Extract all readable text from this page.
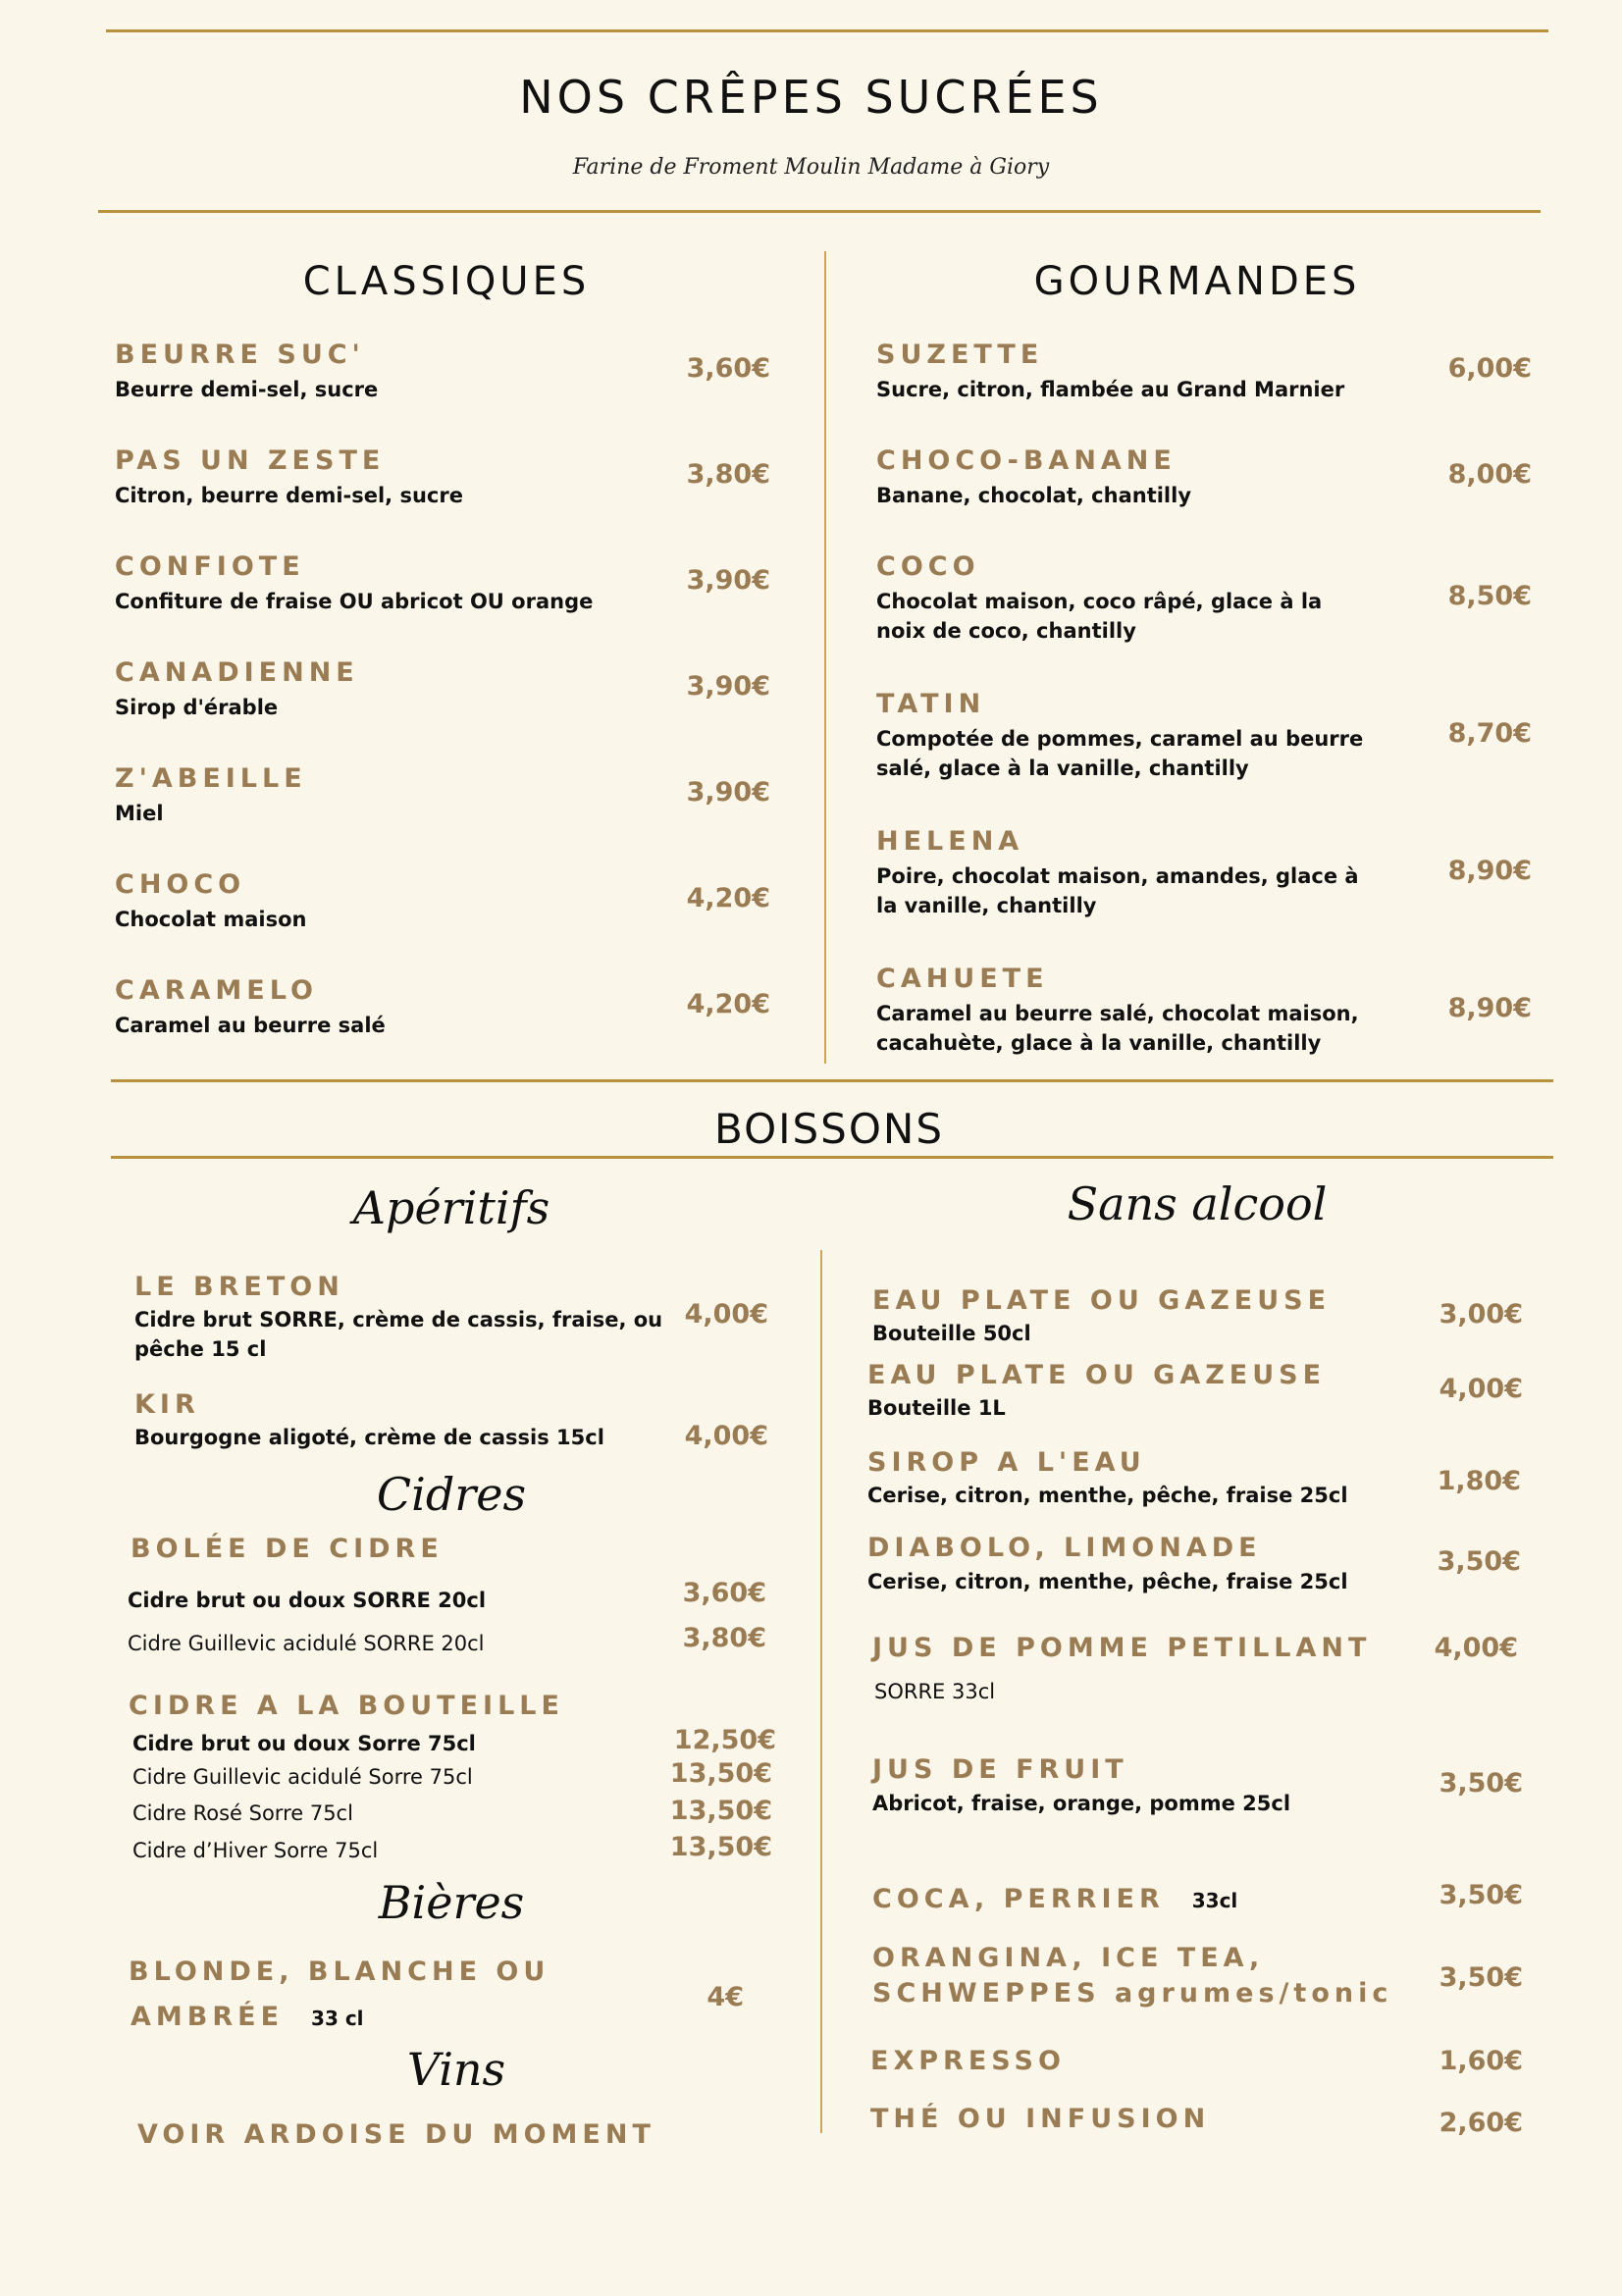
NOS CRÊPES SUCRÉES
Farine de Froment Moulin Madame à Giory
CLASSIQUES
BEURRE SUC'
Beurre demi-sel, sucre
3,60€
PAS UN ZESTE
Citron, beurre demi-sel, sucre
3,80€
CONFIOTE
Confiture de fraise OU abricot OU orange
3,90€
CANADIENNE
Sirop d'érable
3,90€
Z'ABEILLE
Miel
3,90€
CHOCO
Chocolat maison
4,20€
CARAMELO
Caramel au beurre salé
4,20€
GOURMANDES
SUZETTE
Sucre, citron, flambée au Grand Marnier
6,00€
CHOCO-BANANE
Banane, chocolat, chantilly
8,00€
COCO
Chocolat maison, coco râpé, glace à la noix de coco, chantilly
8,50€
TATIN
Compotée de pommes, caramel au beurre salé, glace à la vanille, chantilly
8,70€
HELENA
Poire, chocolat maison, amandes, glace à la vanille, chantilly
8,90€
CAHUETE
Caramel au beurre salé, chocolat maison, cacahuète, glace à la vanille, chantilly
8,90€
BOISSONS
Apéritifs
LE BRETON
Cidre brut SORRE, crème de cassis, fraise, ou pêche 15 cl
4,00€
KIR
Bourgogne aligoté, crème de cassis 15cl	4,00€
Cidres
BOLÉE DE CIDRE
Cidre brut ou doux SORRE 20cl	3,60€
Cidre Guillevic acidulé SORRE 20cl	3,80€
CIDRE A LA BOUTEILLE
Cidre brut ou doux Sorre 75cl	12,50€
Cidre Guillevic acidulé Sorre 75cl	13,50€
Cidre Rosé Sorre 75cl	13,50€
Cidre d’Hiver Sorre 75cl	13,50€
Bières
BLONDE, BLANCHE OU
AMBRÉE 33 cl
4€
Vins
VOIR ARDOISE DU MOMENT
Sans alcool
EAU PLATE OU GAZEUSE
Bouteille 50cl
3,00€
EAU PLATE OU GAZEUSE
Bouteille 1L
4,00€
SIROP A L'EAU
Cerise, citron, menthe, pêche, fraise 25cl	1,80€
DIABOLO, LIMONADE
Cerise, citron, menthe, pêche, fraise 25cl
3,50€
JUS DE POMME PETILLANT
SORRE 33cl
4,00€
JUS DE FRUIT
Abricot, fraise, orange, pomme 25cl
3,50€
COCA, PERRIER 33cl	3,50€
ORANGINA, ICE TEA,
SCHWEPPES agrumes/tonic
3,50€
EXPRESSO	1,60€
THÉ OU INFUSION	2,60€
